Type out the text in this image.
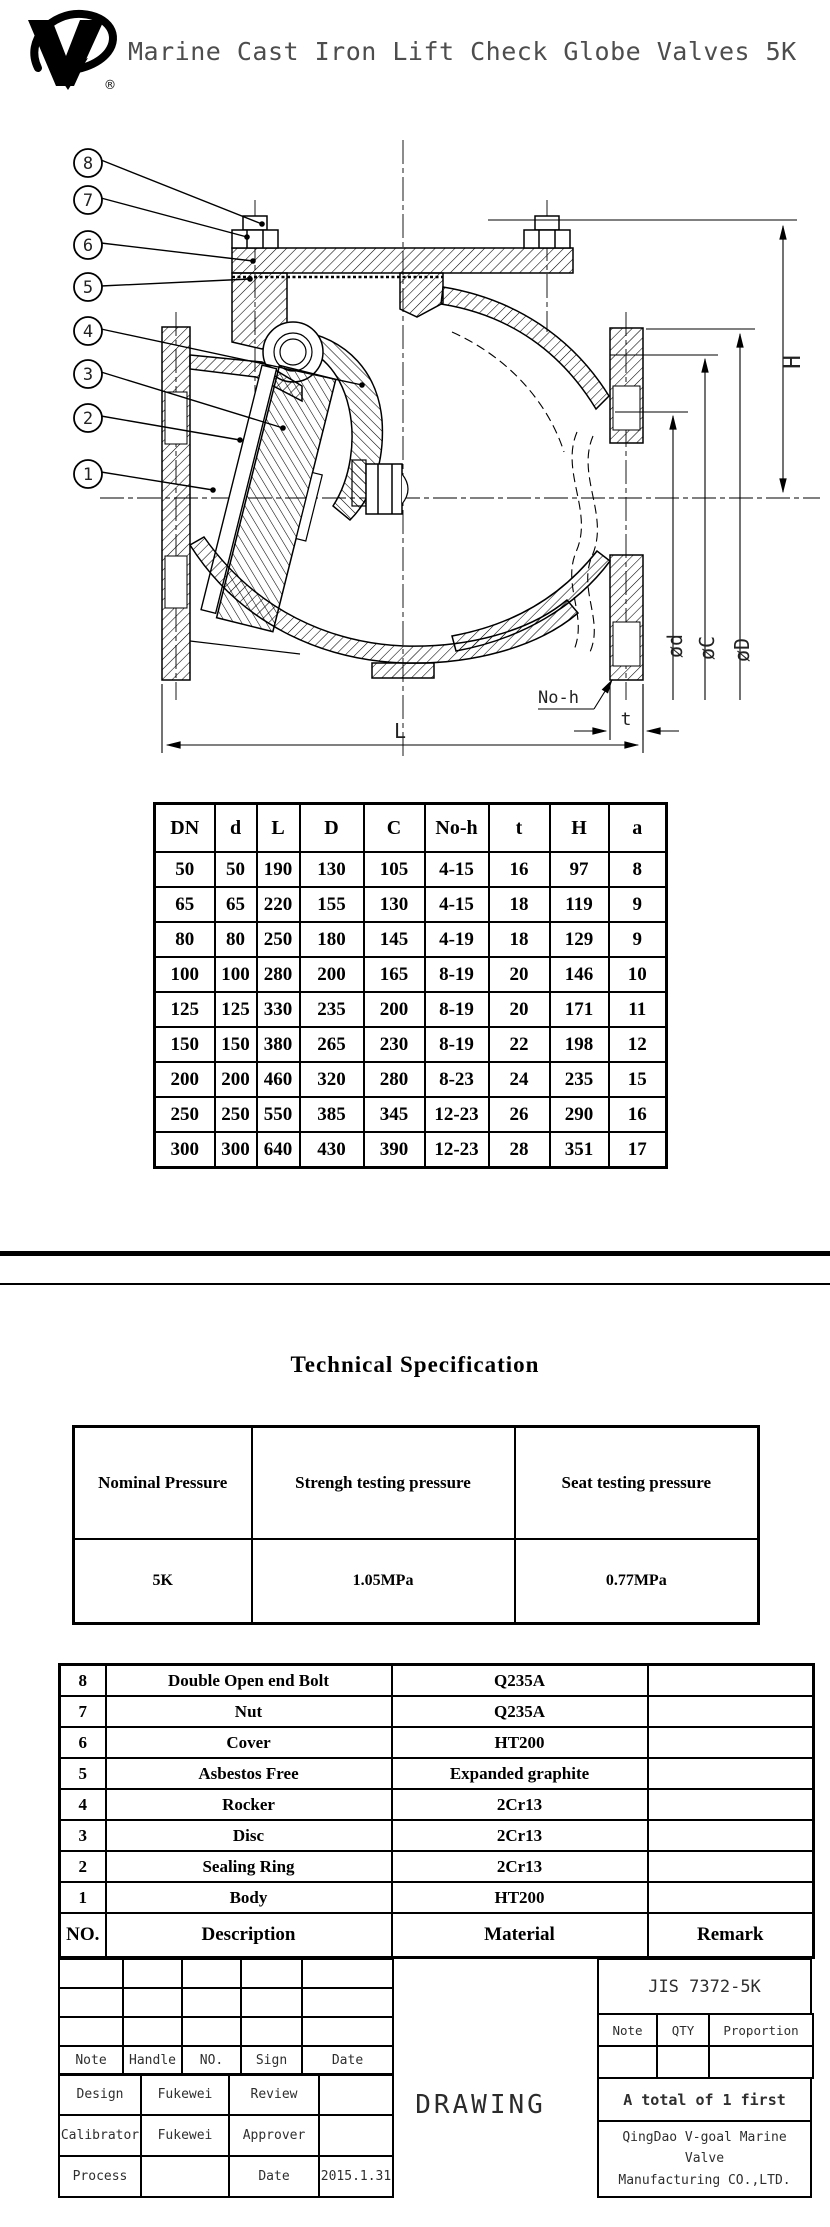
®
Marine Cast Iron Lift Check Globe Valves 5K
8
7
6
5
4
3
2
1
H
øD
øC
ød
No-h
t
L
DN	d	L	D	C	No-h	t	H	a
50	50	190	130	105	4-15	16	97	8
65	65	220	155	130	4-15	18	119	9
80	80	250	180	145	4-19	18	129	9
100	100	280	200	165	8-19	20	146	10
125	125	330	235	200	8-19	20	171	11
150	150	380	265	230	8-19	22	198	12
200	200	460	320	280	8-23	24	235	15
250	250	550	385	345	12-23	26	290	16
300	300	640	430	390	12-23	28	351	17
Technical Specification
Nominal Pressure	Strengh testing pressure	Seat testing pressure
5K	1.05MPa	0.77MPa
8	Double Open end Bolt	Q235A	
7	Nut	Q235A	
6	Cover	HT200	
5	Asbestos Free	Expanded graphite	
4	Rocker	2Cr13	
3	Disc	2Cr13	
2	Sealing Ring	2Cr13	
1	Body	HT200	
NO.	Description	Material	Remark

Note	Handle	NO.	Sign	Date
Design	Fukewei	Review	
Calibrator	Fukewei	Approver	
Process		Date	2015.1.31
DRAWING
JIS 7372-5K
Note	QTY	Proportion

A total of 1 first
QingDao V-goal Marine Valve
Manufacturing CO.,LTD.
